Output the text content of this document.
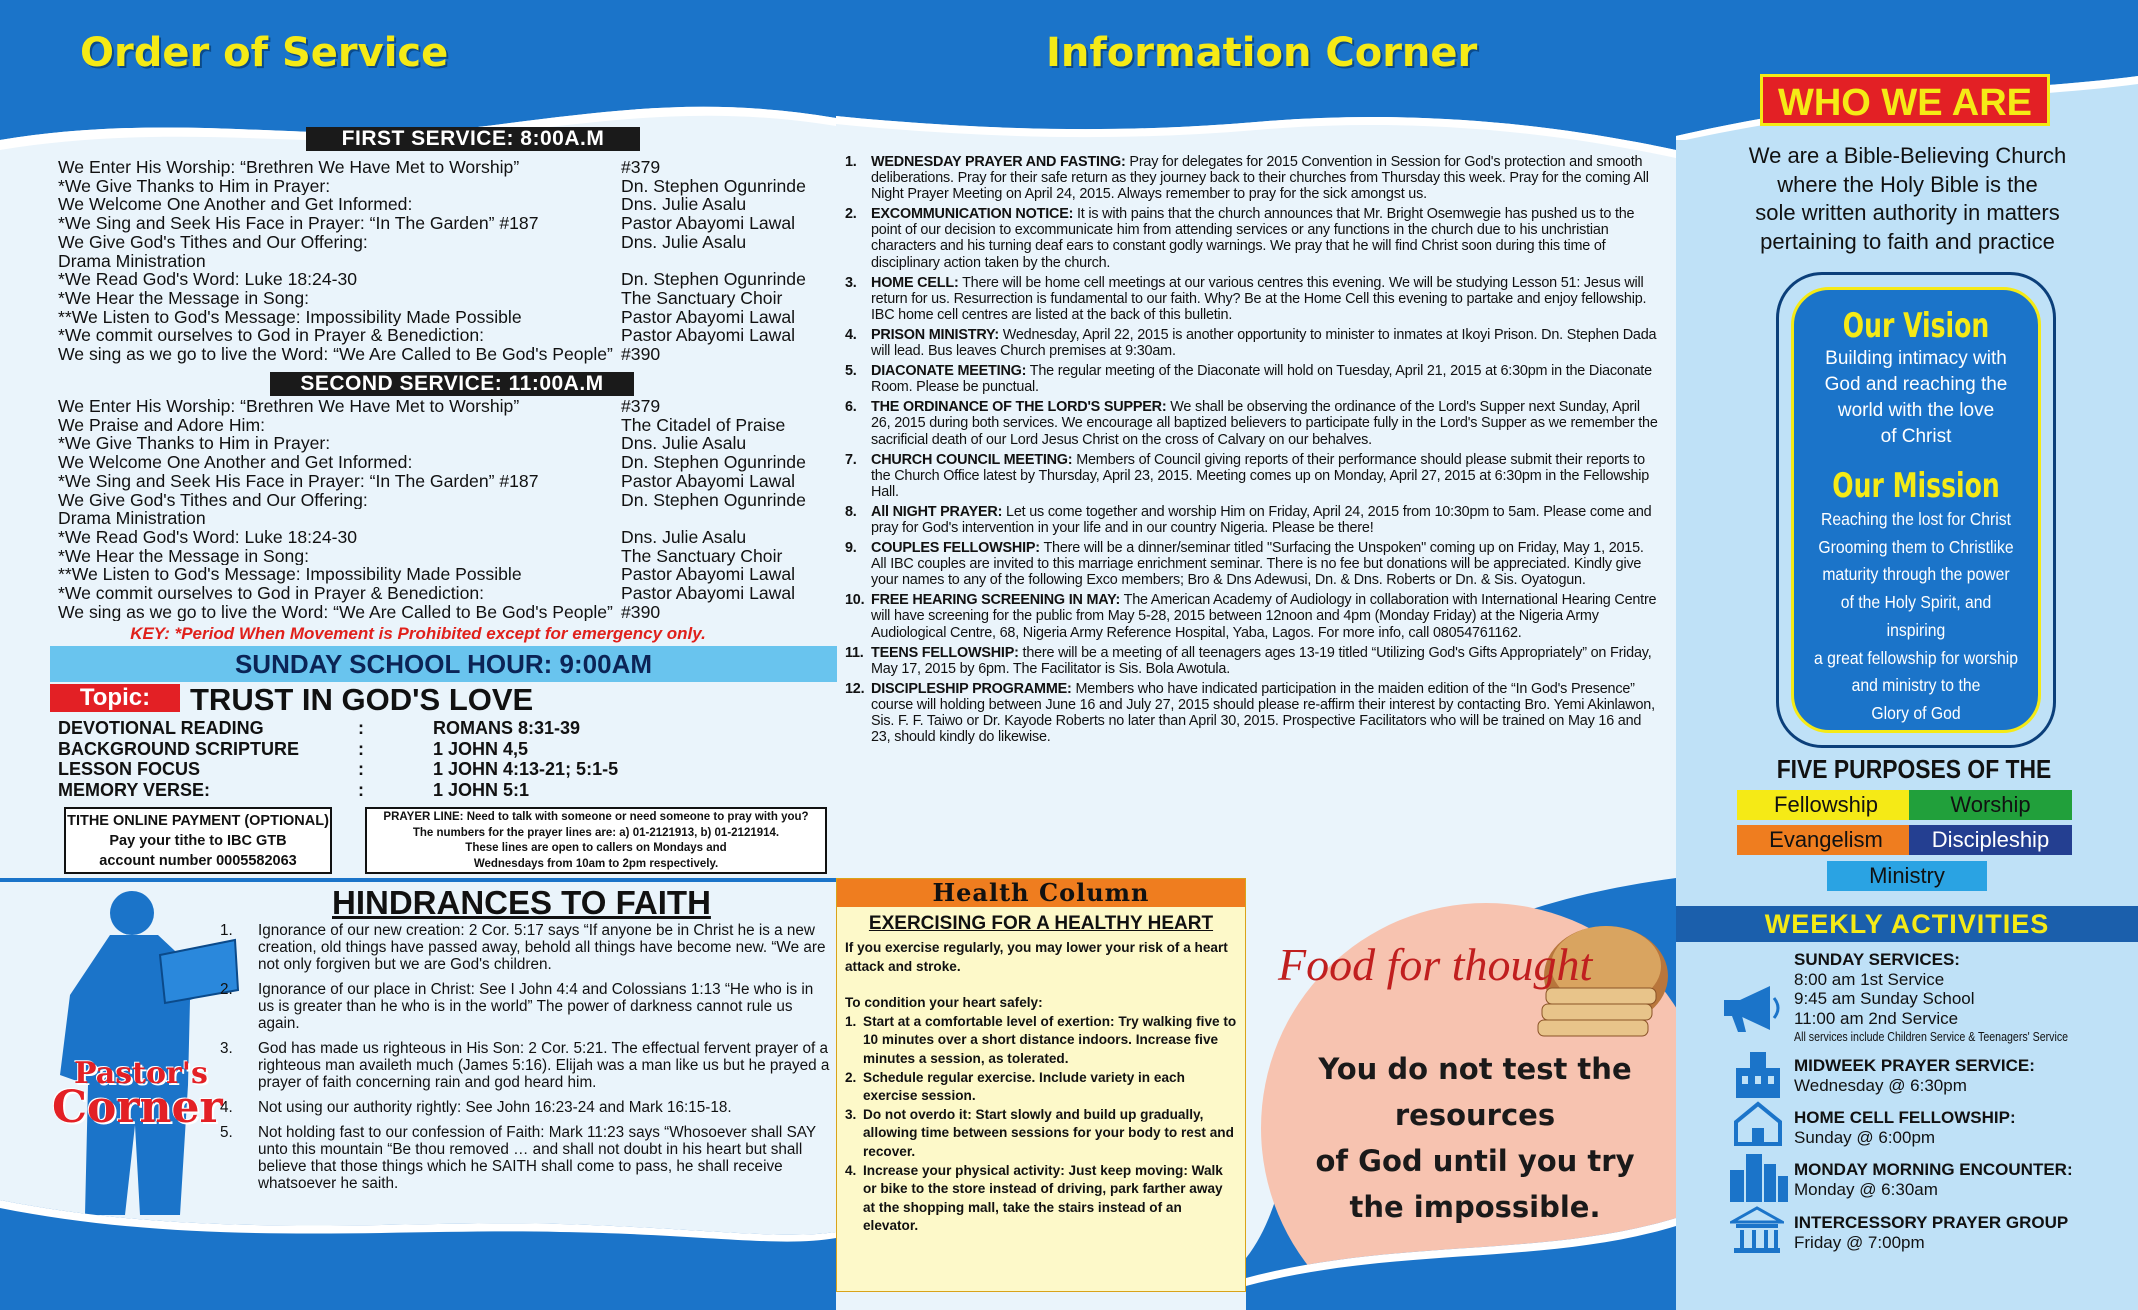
Order of Service
FIRST SERVICE: 8:00A.M
We Enter His Worship: “Brethren We Have Met to Worship”	#379
*We Give Thanks to Him in Prayer:	Dn. Stephen Ogunrinde
We Welcome One Another and Get Informed:	Dns. Julie Asalu
*We Sing and Seek His Face in Prayer: “In The Garden” #187	Pastor Abayomi Lawal
We Give God's Tithes and Our Offering:	Dns. Julie Asalu
Drama Ministration
*We Read God's Word: Luke 18:24-30	Dn. Stephen Ogunrinde
*We Hear the Message in Song:	The Sanctuary Choir
**We Listen to God's Message: Impossibility Made Possible	Pastor Abayomi Lawal
*We commit ourselves to God in Prayer & Benediction:	Pastor Abayomi Lawal
We sing as we go to live the Word: “We Are Called to Be God's People” #390
SECOND SERVICE: 11:00A.M
We Enter His Worship: “Brethren We Have Met to Worship”	#379
We Praise and Adore Him:	The Citadel of Praise
*We Give Thanks to Him in Prayer:	Dns. Julie Asalu
We Welcome One Another and Get Informed:	Dn. Stephen Ogunrinde
*We Sing and Seek His Face in Prayer: “In The Garden” #187	Pastor Abayomi Lawal
We Give God's Tithes and Our Offering:	Dn. Stephen Ogunrinde
Drama Ministration
*We Read God's Word: Luke 18:24-30	Dns. Julie Asalu
*We Hear the Message in Song:	The Sanctuary Choir
**We Listen to God's Message: Impossibility Made Possible	Pastor Abayomi Lawal
*We commit ourselves to God in Prayer & Benediction:	Pastor Abayomi Lawal
We sing as we go to live the Word: “We Are Called to Be God's People” #390
KEY: *Period When Movement is Prohibited except for emergency only.
SUNDAY SCHOOL HOUR: 9:00AM
Topic:	TRUST IN GOD'S LOVE
DEVOTIONAL READING	:	ROMANS 8:31-39
BACKGROUND SCRIPTURE	:	1 JOHN 4,5
LESSON FOCUS	:	1 JOHN 4:13-21; 5:1-5
MEMORY VERSE:	:	1 JOHN 5:1
TITHE ONLINE PAYMENT (OPTIONAL)
Pay your tithe to IBC GTB
account number 0005582063
PRAYER LINE: Need to talk with someone or need someone to pray with you?
The numbers for the prayer lines are: a) 01-2121913, b) 01-2121914.
These lines are open to callers on Mondays and
Wednesdays from 10am to 2pm respectively.
Pastor's
Corner
HINDRANCES TO FAITH
1.	Ignorance of our new creation: 2 Cor. 5:17 says “If anyone be in Christ he is a new creation, old things have passed away, behold all things have become new. “We are not only forgiven but we are God's children.
2.	Ignorance of our place in Christ: See I John 4:4 and Colossians 1:13 “He who is in us is greater than he who is in the world” The power of darkness cannot rule us again.
3.	God has made us righteous in His Son: 2 Cor. 5:21. The effectual fervent prayer of a righteous man availeth much (James 5:16). Elijah was a man like us but he prayed a prayer of faith concerning rain and god heard him.
4.	Not using our authority rightly: See John 16:23-24 and Mark 16:15-18.
5.	Not holding fast to our confession of Faith: Mark 11:23 says “Whosoever shall SAY unto this mountain “Be thou removed … and shall not doubt in his heart but shall believe that those things which he SAITH shall come to pass, he shall receive whatsoever he saith.
Information Corner
1. WEDNESDAY PRAYER AND FASTING: Pray for delegates for 2015 Convention in Session for God's protection and smooth deliberations. Pray for their safe return as they journey back to their churches from Thursday this week. Pray for the coming All Night Prayer Meeting on April 24, 2015. Always remember to pray for the sick amongst us.
2. EXCOMMUNICATION NOTICE: It is with pains that the church announces that Mr. Bright Osemwegie has pushed us to the point of our decision to excommunicate him from attending services or any functions in the church due to his unchristian characters and his turning deaf ears to constant godly warnings. We pray that he will find Christ soon during this time of disciplinary action taken by the church.
3. HOME CELL: There will be home cell meetings at our various centres this evening. We will be studying Lesson 51: Jesus will return for us. Resurrection is fundamental to our faith. Why? Be at the Home Cell this evening to partake and enjoy fellowship. IBC home cell centres are listed at the back of this bulletin.
4. PRISON MINISTRY: Wednesday, April 22, 2015 is another opportunity to minister to inmates at Ikoyi Prison. Dn. Stephen Dada will lead. Bus leaves Church premises at 9:30am.
5. DIACONATE MEETING: The regular meeting of the Diaconate will hold on Tuesday, April 21, 2015 at 6:30pm in the Diaconate Room. Please be punctual.
6. THE ORDINANCE OF THE LORD'S SUPPER: We shall be observing the ordinance of the Lord's Supper next Sunday, April 26, 2015 during both services. We encourage all baptized believers to participate fully in the Lord's Supper as we remember the sacrificial death of our Lord Jesus Christ on the cross of Calvary on our behalves.
7. CHURCH COUNCIL MEETING: Members of Council giving reports of their performance should please submit their reports to the Church Office latest by Thursday, April 23, 2015. Meeting comes up on Monday, April 27, 2015 at 6:30pm in the Fellowship Hall.
8. All NIGHT PRAYER: Let us come together and worship Him on Friday, April 24, 2015 from 10:30pm to 5am. Please come and pray for God's intervention in your life and in our country Nigeria. Please be there!
9. COUPLES FELLOWSHIP: There will be a dinner/seminar titled "Surfacing the Unspoken" coming up on Friday, May 1, 2015. All IBC couples are invited to this marriage enrichment seminar. There is no fee but donations will be appreciated. Kindly give your names to any of the following Exco members; Bro & Dns Adewusi, Dn. & Dns. Roberts or Dn. & Sis. Oyatogun.
10. FREE HEARING SCREENING IN MAY: The American Academy of Audiology in collaboration with International Hearing Centre will have screening for the public from May 5-28, 2015 between 12noon and 4pm (Monday Friday) at the Nigeria Army Audiological Centre, 68, Nigeria Army Reference Hospital, Yaba, Lagos. For more info, call 08054761162.
11. TEENS FELLOWSHIP: there will be a meeting of all teenagers ages 13-19 titled “Utilizing God's Gifts Appropriately” on Friday, May 17, 2015 by 6pm. The Facilitator is Sis. Bola Awotula.
12. DISCIPLESHIP PROGRAMME: Members who have indicated participation in the maiden edition of the “In God's Presence” course will holding between June 16 and July 27, 2015 should please re-affirm their interest by contacting Bro. Yemi Akinlawon, Sis. F. F. Taiwo or Dr. Kayode Roberts no later than April 30, 2015. Prospective Facilitators who will be trained on May 16 and 23, should kindly do likewise.
Food for thought
You do not test the resources
of God until you try
the impossible.
Health Column
EXERCISING FOR A HEALTHY HEART
If you exercise regularly, you may lower your risk of a heart attack and stroke.
To condition your heart safely:
1. Start at a comfortable level of exertion: Try walking five to 10 minutes over a short distance indoors. Increase five minutes a session, as tolerated.
2. Schedule regular exercise. Include variety in each exercise session.
3. Do not overdo it: Start slowly and build up gradually, allowing time between sessions for your body to rest and recover.
4. Increase your physical activity: Just keep moving: Walk or bike to the store instead of driving, park farther away at the shopping mall, take the stairs instead of an elevator.
WHO WE ARE
We are a Bible-Believing Church
where the Holy Bible is the
sole written authority in matters
pertaining to faith and practice
Our Vision
Building intimacy with
God and reaching the
world with the love
of Christ
Our Mission
Reaching the lost for Christ
Grooming them to Christlike
maturity through the power
of the Holy Spirit, and inspiring
a great fellowship for worship
and ministry to the
Glory of God
FIVE PURPOSES OF THE
Fellowship	Worship
Evangelism	Discipleship
Ministry
WEEKLY ACTIVITIES
SUNDAY SERVICES:
8:00 am 1st Service
9:45 am Sunday School
11:00 am 2nd Service
All services include Children Service & Teenagers' Service
MIDWEEK PRAYER SERVICE:
Wednesday @ 6:30pm
HOME CELL FELLOWSHIP:
Sunday @ 6:00pm
MONDAY MORNING ENCOUNTER:
Monday @ 6:30am
INTERCESSORY PRAYER GROUP
Friday @ 7:00pm
